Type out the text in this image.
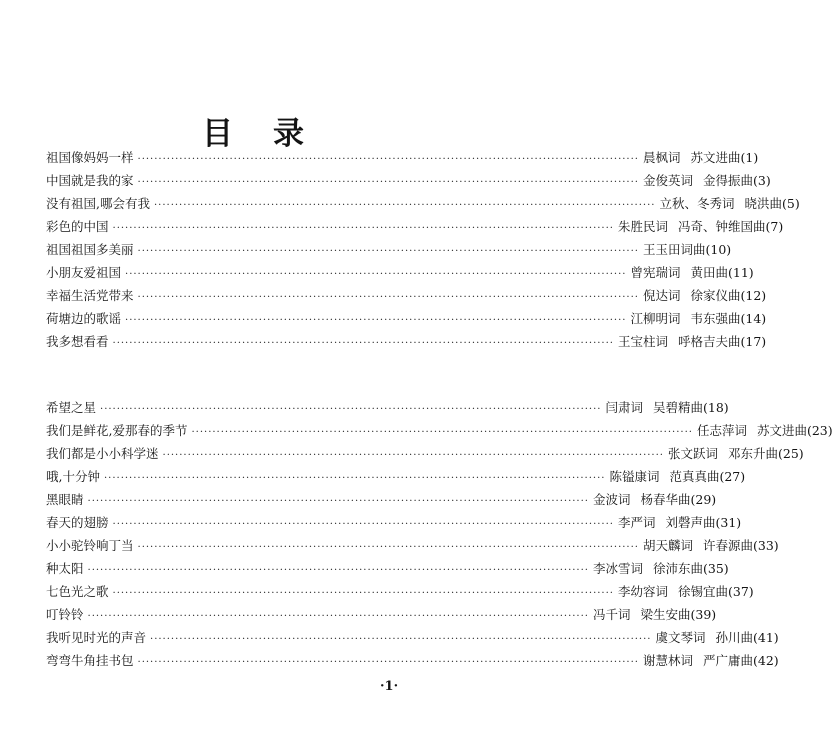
目 录
祖国像妈妈一样 ........................................................................................................................ 晨枫词 苏文进曲(1)
中国就是我的家 ........................................................................................................................ 金俊英词 金得振曲(3)
没有祖国,哪会有我 ........................................................................................................................ 立秋、冬秀词 晓洪曲(5)
彩色的中国 ........................................................................................................................ 朱胜民词 冯奇、钟维国曲(7)
祖国祖国多美丽 ........................................................................................................................ 王玉田词曲(10)
小朋友爱祖国 ........................................................................................................................ 曾宪瑞词 黄田曲(11)
幸福生活党带来 ........................................................................................................................ 倪达词 徐家仪曲(12)
荷塘边的歌谣 ........................................................................................................................ 江柳明词 韦东强曲(14)
我多想看看 ........................................................................................................................ 王宝柱词 呼格吉夫曲(17)
希望之星 ........................................................................................................................ 闫肃词 吴碧精曲(18)
我们是鲜花,爱那春的季节 ........................................................................................................................ 任志萍词 苏文进曲(23)
我们都是小小科学迷 ........................................................................................................................ 张文跃词 邓东升曲(25)
哦,十分钟 ........................................................................................................................ 陈镒康词 范真真曲(27)
黑眼睛 ........................................................................................................................ 金波词 杨春华曲(29)
春天的翅膀 ........................................................................................................................ 李严词 刘磬声曲(31)
小小驼铃响丁当 ........................................................................................................................ 胡天麟词 许春源曲(33)
种太阳 ........................................................................................................................ 李冰雪词 徐沛东曲(35)
七色光之歌 ........................................................................................................................ 李幼容词 徐锡宜曲(37)
叮铃铃 ........................................................................................................................ 冯千词 梁生安曲(39)
我听见时光的声音 ........................................................................................................................ 虞文琴词 孙川曲(41)
弯弯牛角挂书包 ........................................................................................................................ 谢慧林词 严广庸曲(42)
·1·
